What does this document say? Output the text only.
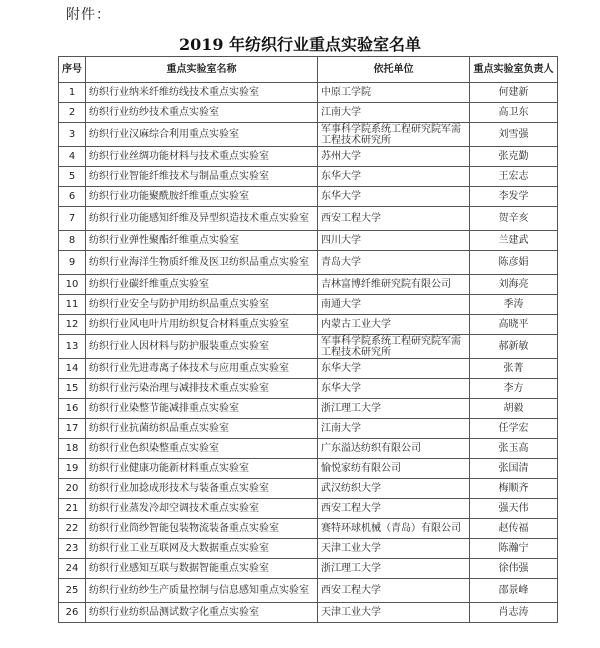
附件：
2019 年纺织行业重点实验室名单
序号	重点实验室名称	依托单位	重点实验室负责人
1	纺织行业纳米纤维纺线技术重点实验室	中原工学院	何建新
2	纺织行业纺纱技术重点实验室	江南大学	高卫东
3	纺织行业汉麻综合利用重点实验室	军事科学院系统工程研究院军需工程技术研究所	刘雪强
4	纺织行业丝绸功能材料与技术重点实验室	苏州大学	张克勤
5	纺织行业智能纤维技术与制品重点实验室	东华大学	王宏志
6	纺织行业功能聚酰胺纤维重点实验室	东华大学	李发学
7	纺织行业功能感知纤维及异型织造技术重点实验室	西安工程大学	贺辛亥
8	纺织行业弹性聚酯纤维重点实验室	四川大学	兰建武
9	纺织行业海洋生物质纤维及医卫纺织品重点实验室	青岛大学	陈彦娟
10	纺织行业碳纤维重点实验室	吉林富博纤维研究院有限公司	刘海亮
11	纺织行业安全与防护用纺织品重点实验室	南通大学	季涛
12	纺织行业风电叶片用纺织复合材料重点实验室	内蒙古工业大学	高晓平
13	纺织行业人因材料与防护服装重点实验室	军事科学院系统工程研究院军需工程技术研究所	郝新敏
14	纺织行业先进毒离子体技术与应用重点实验室	东华大学	张菁
15	纺织行业污染治理与减排技术重点实验室	东华大学	李方
16	纺织行业染整节能减排重点实验室	浙江理工大学	胡毅
17	纺织行业抗菌纺织品重点实验室	江南大学	任学宏
18	纺织行业色织染整重点实验室	广东溢达纺织有限公司	张玉高
19	纺织行业健康功能新材料重点实验室	愉悦家纺有限公司	张国清
20	纺织行业加捻成形技术与装备重点实验室	武汉纺织大学	梅顺齐
21	纺织行业蒸发冷却空调技术重点实验室	西安工程大学	强天伟
22	纺织行业筒纱智能包装物流装备重点实验室	赛特环球机械（青岛）有限公司	赵传福
23	纺织行业工业互联网及大数据重点实验室	天津工业大学	陈瀚宁
24	纺织行业感知互联与数据智能重点实验室	浙江理工大学	徐伟强
25	纺织行业纺纱生产质量控制与信息感知重点实验室	西安工程大学	邵景峰
26	纺织行业纺织品测试数字化重点实验室	天津工业大学	肖志涛
